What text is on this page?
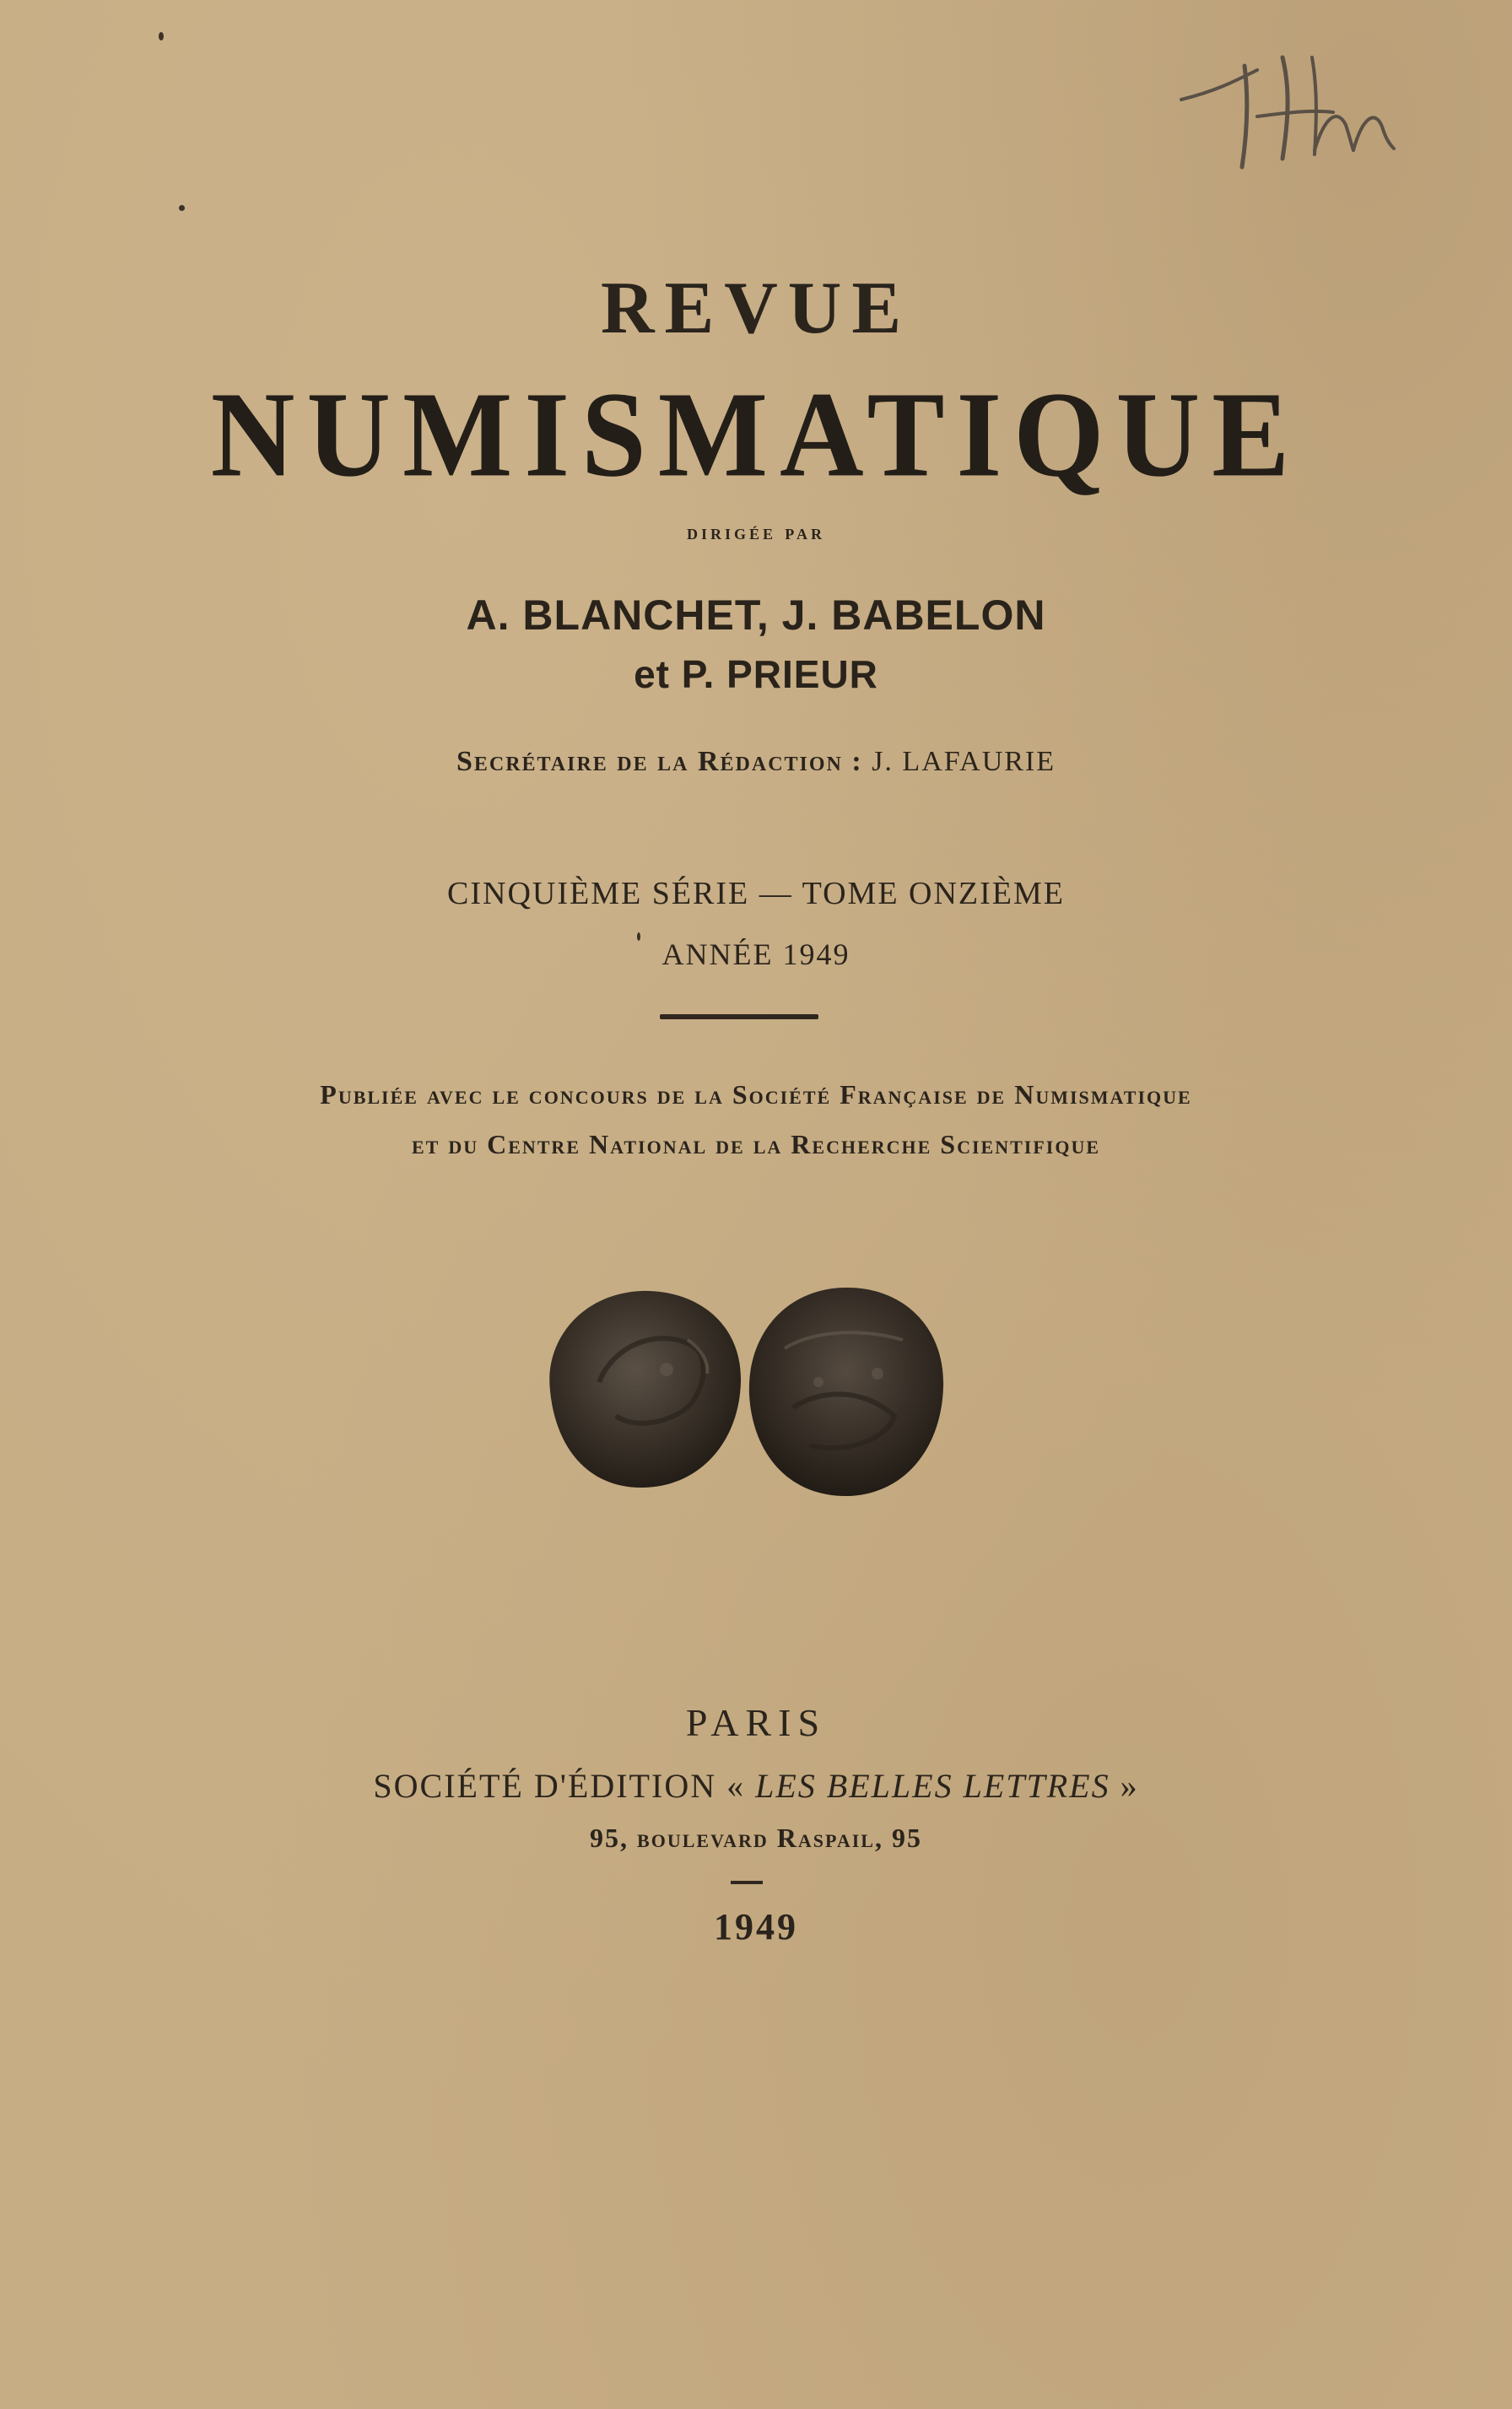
REVUE
NUMISMATIQUE

dirigée par

A. BLANCHET, J. BABELON

et P. PRIEUR

Secrétaire de la Rédaction : J. LAFAURIE

CINQUIÈME SÉRIE — TOME ONZIÈME

ANNÉE 1949

Publiée avec le concours de la Société Française de Numismatique

et du Centre National de la Recherche Scientifique

PARIS

SOCIÉTÉ D'ÉDITION « LES BELLES LETTRES »

95, boulevard Raspail, 95

1949
